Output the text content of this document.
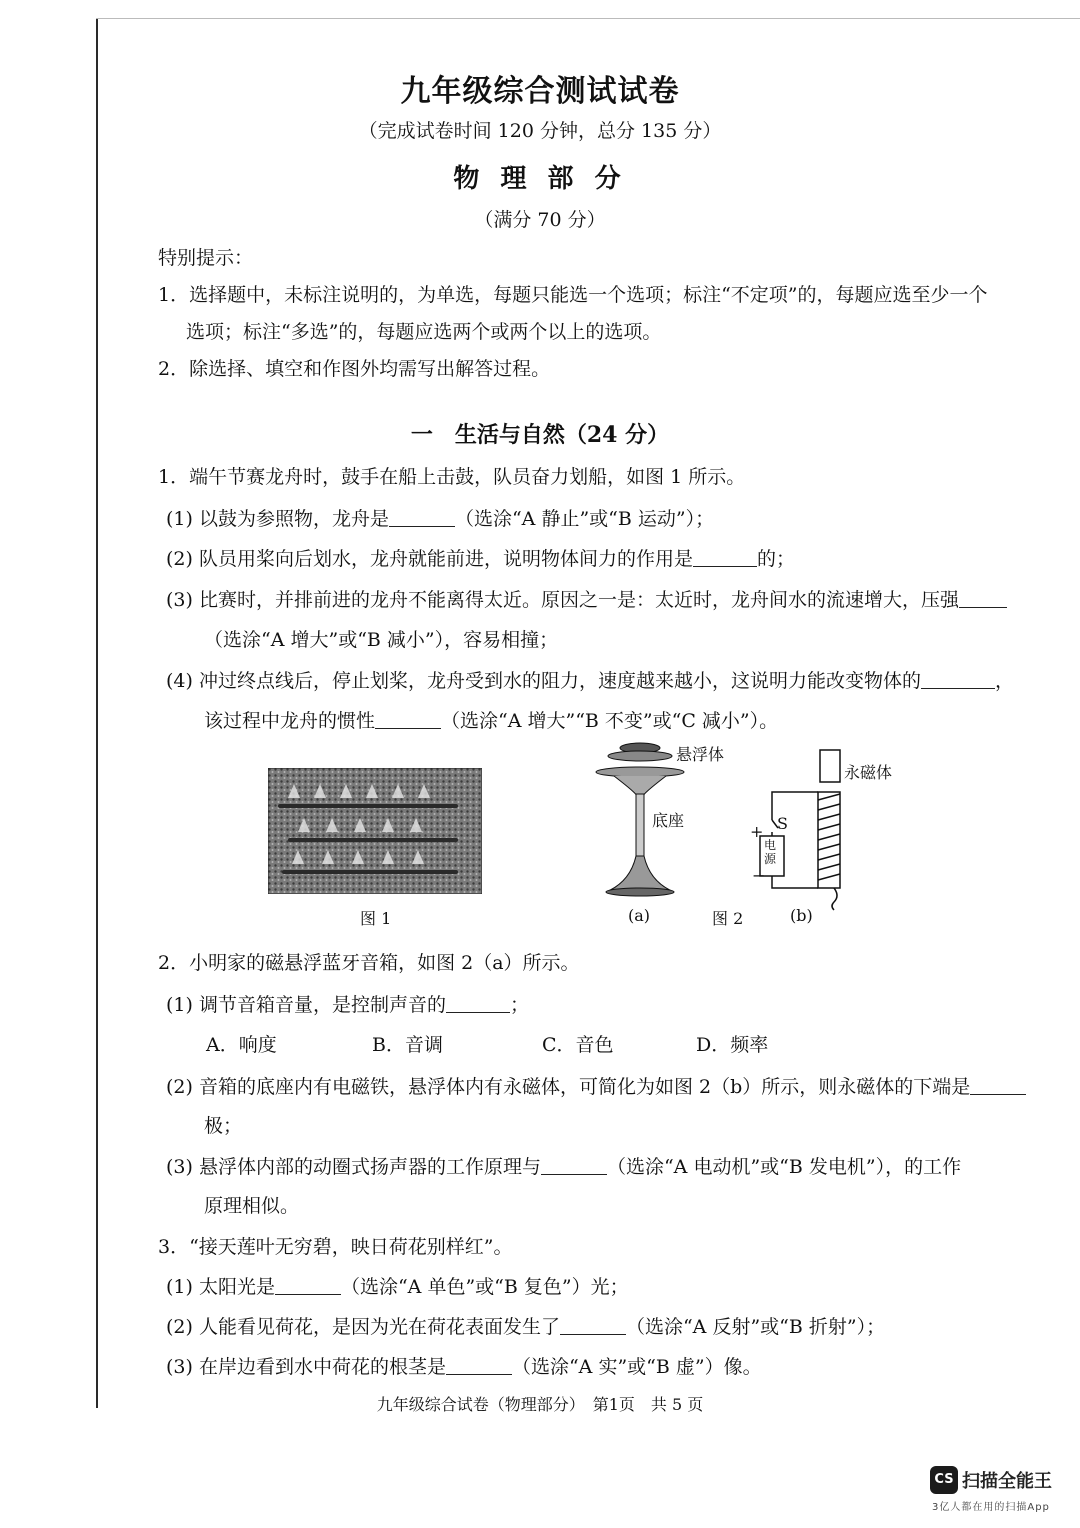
九年级综合测试试卷
（完成试卷时间 120 分钟，总分 135 分）
物 理 部 分
（满分 70 分）
特别提示：
1．选择题中，未标注说明的，为单选，每题只能选一个选项；标注“不定项”的，每题应选至少一个
选项；标注“多选”的，每题应选两个或两个以上的选项。
2．除选择、填空和作图外均需写出解答过程。
一　生活与自然（24 分）
1．端午节赛龙舟时，鼓手在船上击鼓，队员奋力划船，如图 1 所示。
(1) 以鼓为参照物，龙舟是	（选涂“A 静止”或“B 运动”）；
(2) 队员用桨向后划水，龙舟就能前进，说明物体间力的作用是	的；
(3) 比赛时，并排前进的龙舟不能离得太近。原因之一是：太近时，龙舟间水的流速增大，压强
（选涂“A 增大”或“B 减小”），容易相撞；
(4) 冲过终点线后，停止划桨，龙舟受到水的阻力，速度越来越小，这说明力能改变物体的	，
该过程中龙舟的惯性	（选涂“A 增大”“B 不变”或“C 减小”）。
图 1
悬浮体
底座
(a)	图 2
永磁体
S
+
−
电源
(b)
2．小明家的磁悬浮蓝牙音箱，如图 2（a）所示。
(1) 调节音箱音量，是控制声音的	；
A．响度	B．音调	C．音色	D．频率
(2) 音箱的底座内有电磁铁，悬浮体内有永磁体，可简化为如图 2（b）所示，则永磁体的下端是
极；
(3) 悬浮体内部的动圈式扬声器的工作原理与	（选涂“A 电动机”或“B 发电机”），的工作
原理相似。
3．“接天莲叶无穷碧，映日荷花别样红”。
(1) 太阳光是	（选涂“A 单色”或“B 复色”）光；
(2) 人能看见荷花，是因为光在荷花表面发生了	（选涂“A 反射”或“B 折射”）；
(3) 在岸边看到水中荷花的根茎是	（选涂“A 实”或“B 虚”）像。
九年级综合试卷（物理部分）　第1页　共 5 页
CS 扫描全能王
3亿人都在用的扫描App
